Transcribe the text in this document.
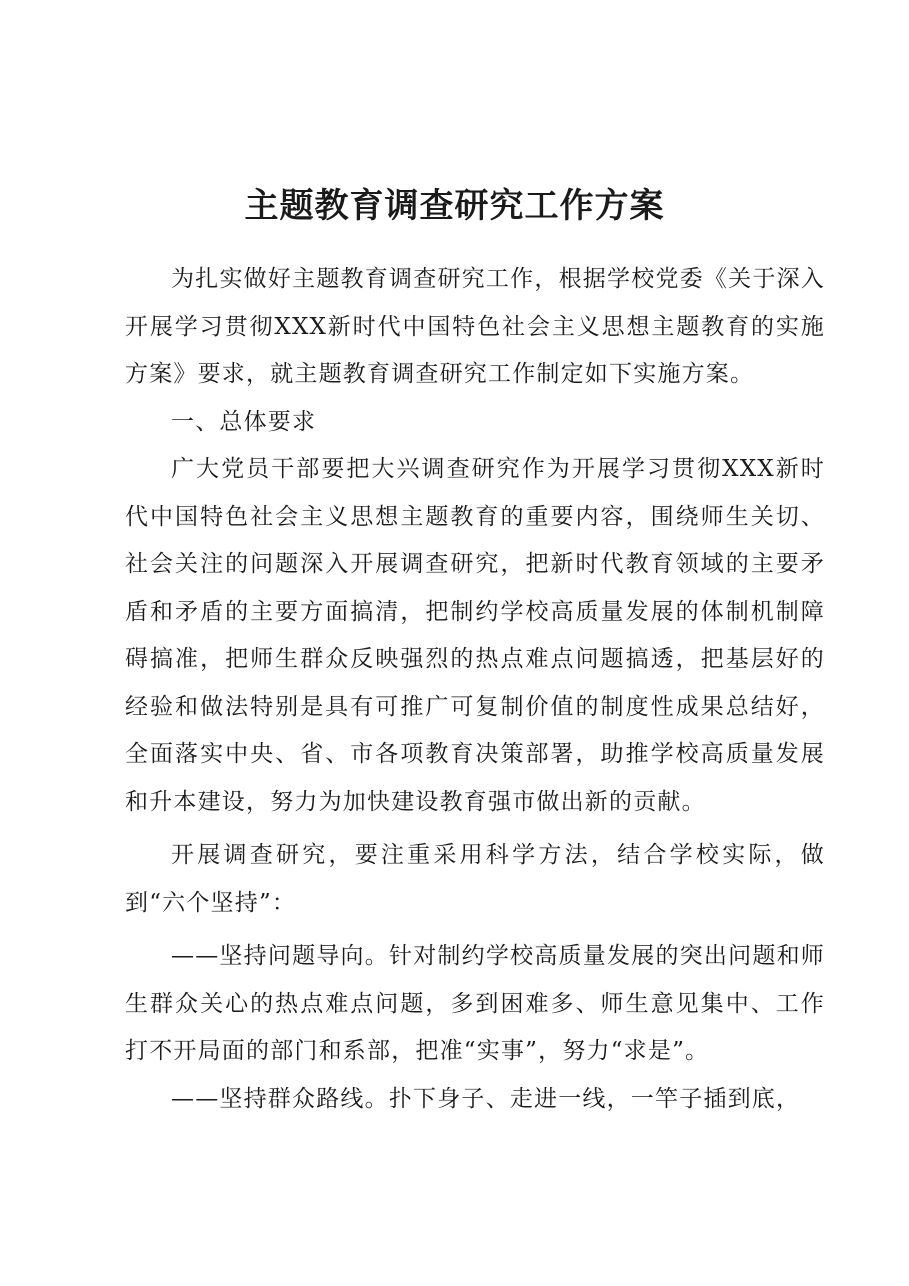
主题教育调查研究工作方案

为扎实做好主题教育调查研究工作，根据学校党委《关于深入开展学习贯彻XXX新时代中国特色社会主义思想主题教育的实施方案》要求，就主题教育调查研究工作制定如下实施方案。

一、总体要求

广大党员干部要把大兴调查研究作为开展学习贯彻XXX新时代中国特色社会主义思想主题教育的重要内容，围绕师生关切、社会关注的问题深入开展调查研究，把新时代教育领域的主要矛盾和矛盾的主要方面搞清，把制约学校高质量发展的体制机制障碍搞准，把师生群众反映强烈的热点难点问题搞透，把基层好的经验和做法特别是具有可推广可复制价值的制度性成果总结好，全面落实中央、省、市各项教育决策部署，助推学校高质量发展和升本建设，努力为加快建设教育强市做出新的贡献。

开展调查研究，要注重采用科学方法，结合学校实际，做到“六个坚持”：

——坚持问题导向。针对制约学校高质量发展的突出问题和师生群众关心的热点难点问题，多到困难多、师生意见集中、工作打不开局面的部门和系部，把准“实事”，努力“求是”。

——坚持群众路线。扑下身子、走进一线，一竿子插到底，
